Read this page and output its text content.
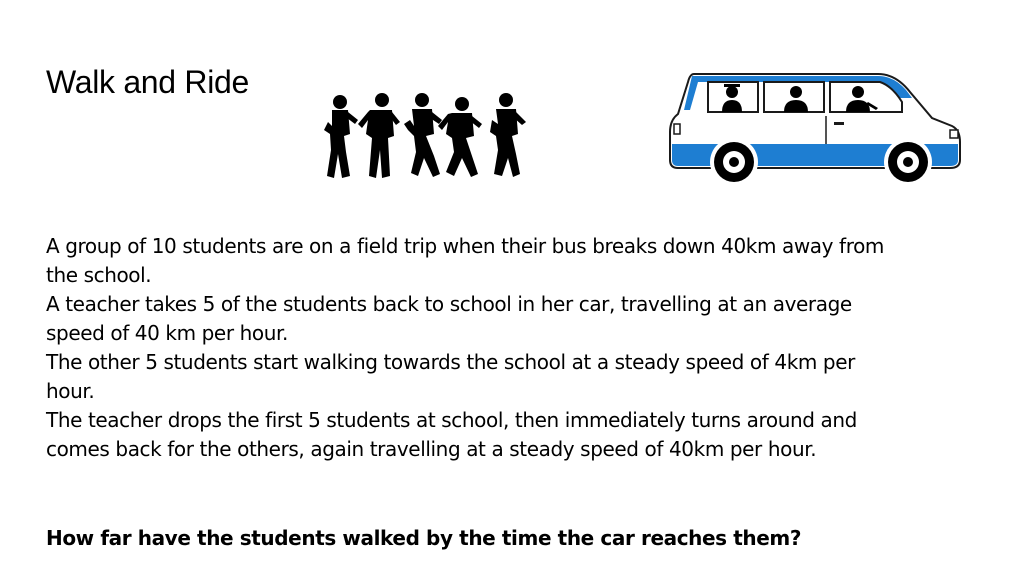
Walk and Ride

A group of 10 students are on a field trip when their bus breaks down 40km away from the school.

A teacher takes 5 of the students back to school in her car, travelling at an average speed of 40 km per hour.

The other 5 students start walking towards the school at a steady speed of 4km per hour.

The teacher drops the first 5 students at school, then immediately turns around and comes back for the others, again travelling at a steady speed of 40km per hour.

How far have the students walked by the time the car reaches them?
